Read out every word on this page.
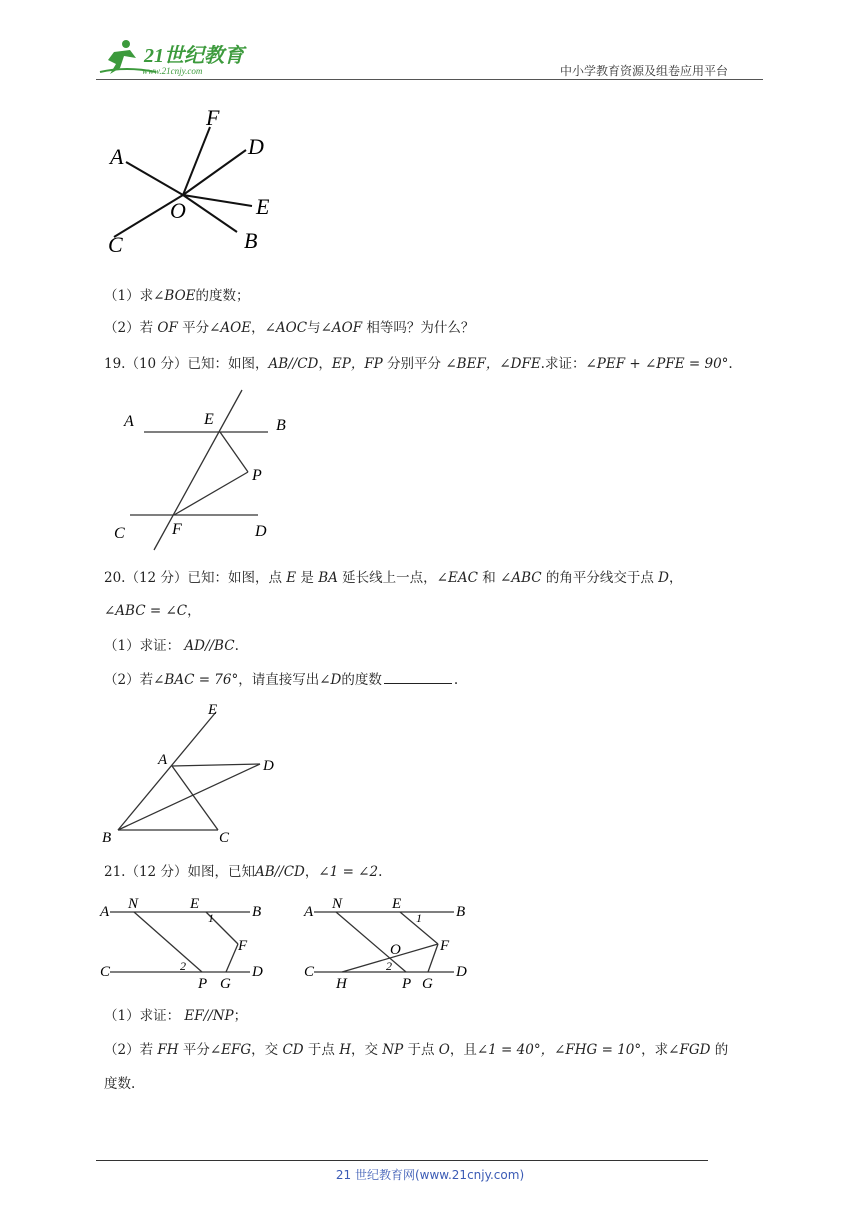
21世纪教育
www.21cnjy.com	中小学教育资源及组卷应用平台
F
D
A
E
O
C	B
（1）求∠BOE的度数；
（2）若 OF 平分∠AOE，∠AOC与∠AOF 相等吗？为什么？
19.（10 分）已知：如图，AB//CD，EP，FP 分别平分 ∠BEF，∠DFE.求证：∠PEF + ∠PFE = 90°.
A	E	B
P
C	F	D
20.（12 分）已知：如图，点 E 是 BA 延长线上一点，∠EAC 和 ∠ABC 的角平分线交于点 D，
∠ABC = ∠C，
（1）求证： AD//BC.
（2）若∠BAC = 76°，请直接写出∠D的度数	.
E
A	D
B	C
21.（12 分）如图，已知AB//CD，∠1 = ∠2.
A N	E
1	B
F
C	2
P G
D
A N	E
1 B
O	F
C	2
H	P G
D
（1）求证： EF//NP；
（2）若 FH 平分∠EFG，交 CD 于点 H，交 NP 于点 O，且∠1 = 40°，∠FHG = 10°，求∠FGD 的
度数.
21 世纪教育网(www.21cnjy.com)
